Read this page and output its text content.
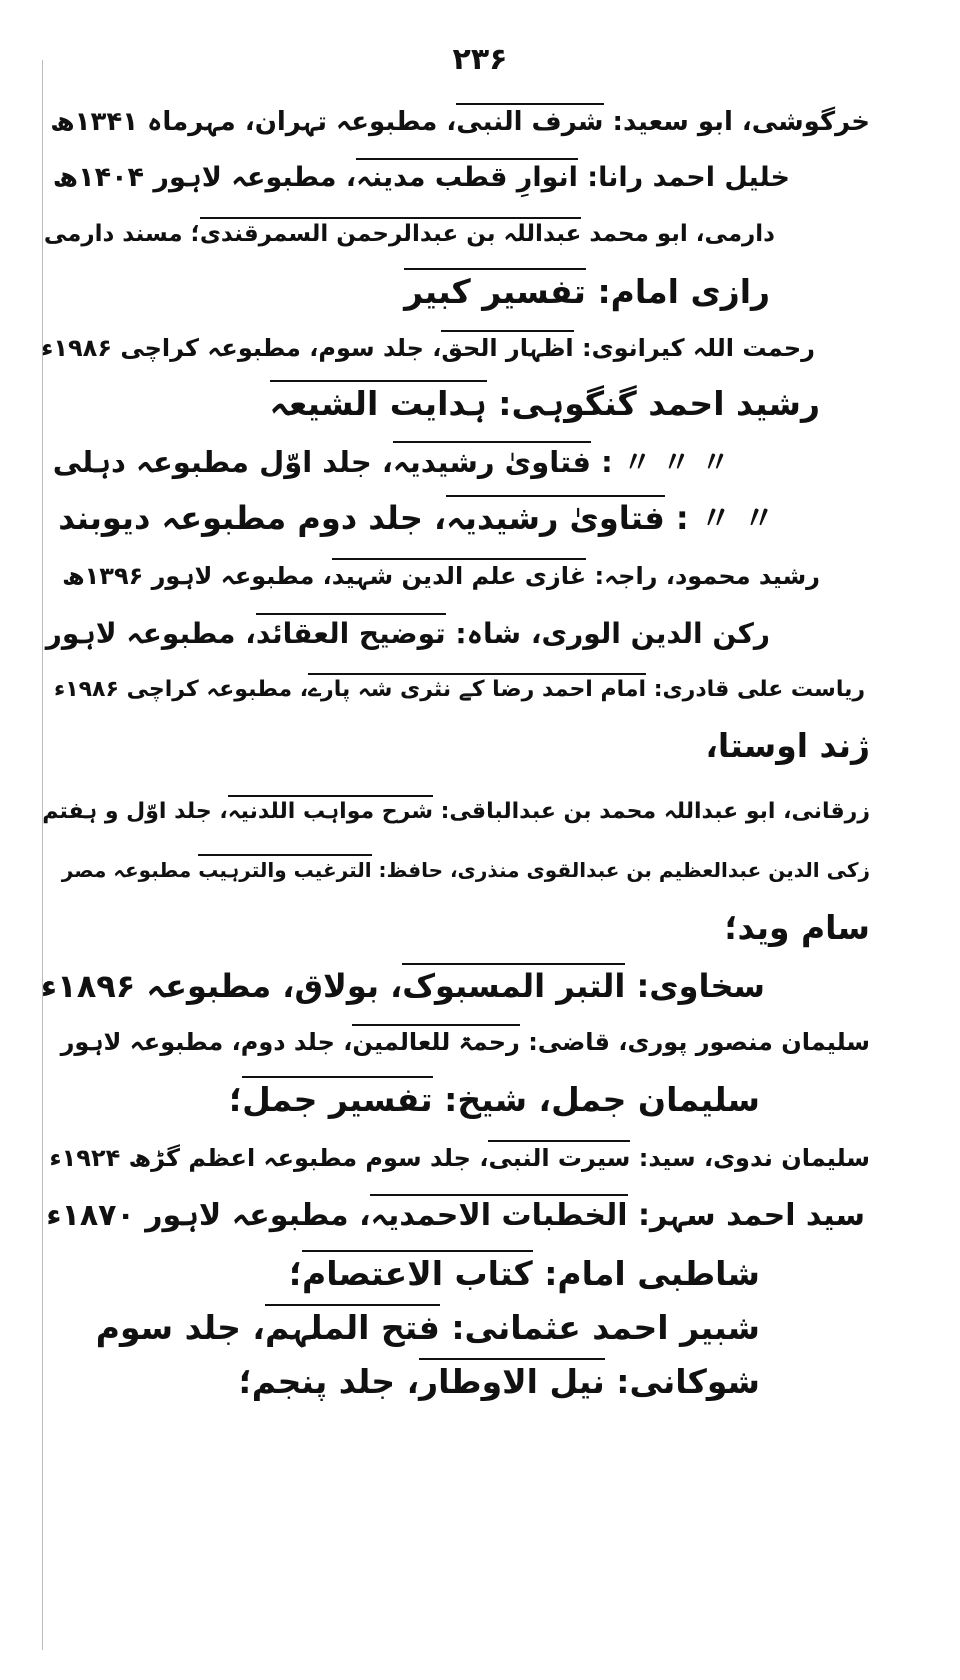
۲۳۶
خرگوشی، ابو سعید: شرف النبی، مطبوعہ تہران، مہرماہ ۱۳۴۱ھ
خلیل احمد رانا: انوارِ قطب مدینہ، مطبوعہ لاہور ۱۴۰۴ھ
دارمی، ابو محمد عبداللہ بن عبدالرحمن السمرقندی؛ مسند دارمی
رازی امام: تفسیر کبیر
رحمت اللہ کیرانوی: اظہار الحق، جلد سوم، مطبوعہ کراچی ۱۹۸۶ء
رشید احمد گنگوہی: ہدایت الشیعہ
〃 〃 〃 : فتاویٰ رشیدیہ، جلد اوّل مطبوعہ دہلی
〃 〃 : فتاویٰ رشیدیہ، جلد دوم مطبوعہ دیوبند
رشید محمود، راجہ: غازی علم الدین شہید، مطبوعہ لاہور ۱۳۹۶ھ
رکن الدین الوری، شاہ: توضیح العقائد، مطبوعہ لاہور
ریاست علی قادری: امام احمد رضا کے نثری شہ پارے، مطبوعہ کراچی ۱۹۸۶ء
ژند اوستا،
زرقانی، ابو عبداللہ محمد بن عبدالباقی: شرح مواہب اللدنیہ، جلد اوّل و ہفتم
زکی الدین عبدالعظیم بن عبدالقوی منذری، حافظ: الترغیب والترہیب مطبوعہ مصر
سام وید؛
سخاوی: التبر المسبوک، بولاق، مطبوعہ ۱۸۹۶ء
سلیمان منصور پوری، قاضی: رحمۃ للعالمین، جلد دوم، مطبوعہ لاہور
سلیمان جمل، شیخ: تفسیر جمل؛
سلیمان ندوی، سید: سیرت النبی، جلد سوم مطبوعہ اعظم گڑھ ۱۹۲۴ء
سید احمد سہر: الخطبات الاحمدیہ، مطبوعہ لاہور ۱۸۷۰ء
شاطبی امام: کتاب الاعتصام؛
شبیر احمد عثمانی: فتح الملہم، جلد سوم
شوکانی: نیل الاوطار، جلد پنجم؛
